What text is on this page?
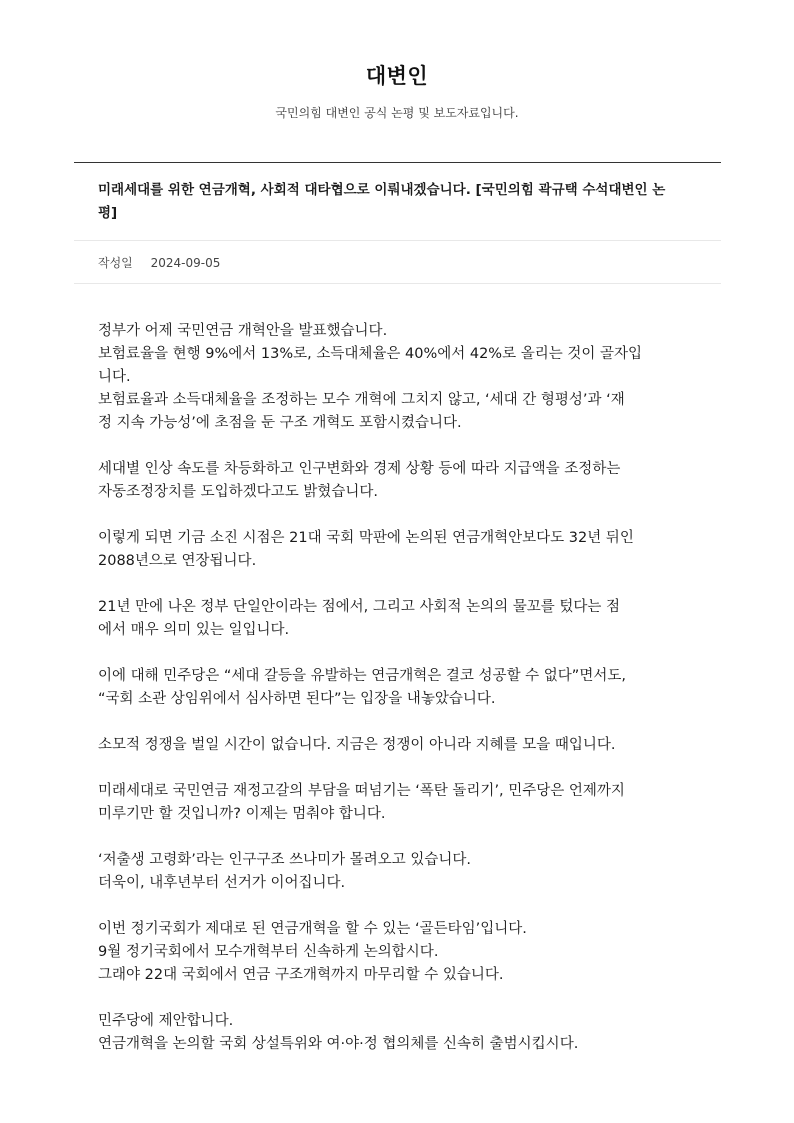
대변인
국민의힘 대변인 공식 논평 및 보도자료입니다.
미래세대를 위한 연금개혁, 사회적 대타협으로 이뤄내겠습니다. [국민의힘 곽규택 수석대변인 논
평]
작성일 2024-09-05
정부가 어제 국민연금 개혁안을 발표했습니다.
보험료율을 현행 9%에서 13%로, 소득대체율은 40%에서 42%로 올리는 것이 골자입
니다.
보험료율과 소득대체율을 조정하는 모수 개혁에 그치지 않고, ‘세대 간 형평성’과 ‘재
정 지속 가능성’에 초점을 둔 구조 개혁도 포함시켰습니다.
세대별 인상 속도를 차등화하고 인구변화와 경제 상황 등에 따라 지급액을 조정하는
자동조정장치를 도입하겠다고도 밝혔습니다.
이렇게 되면 기금 소진 시점은 21대 국회 막판에 논의된 연금개혁안보다도 32년 뒤인
2088년으로 연장됩니다.
21년 만에 나온 정부 단일안이라는 점에서, 그리고 사회적 논의의 물꼬를 텄다는 점
에서 매우 의미 있는 일입니다.
이에 대해 민주당은 “세대 갈등을 유발하는 연금개혁은 결코 성공할 수 없다”면서도,
“국회 소관 상임위에서 심사하면 된다”는 입장을 내놓았습니다.
소모적 정쟁을 벌일 시간이 없습니다. 지금은 정쟁이 아니라 지혜를 모을 때입니다.
미래세대로 국민연금 재정고갈의 부담을 떠넘기는 ‘폭탄 돌리기’, 민주당은 언제까지
미루기만 할 것입니까? 이제는 멈춰야 합니다.
‘저출생 고령화’라는 인구구조 쓰나미가 몰려오고 있습니다.
더욱이, 내후년부터 선거가 이어집니다.
이번 정기국회가 제대로 된 연금개혁을 할 수 있는 ‘골든타임’입니다.
9월 정기국회에서 모수개혁부터 신속하게 논의합시다.
그래야 22대 국회에서 연금 구조개혁까지 마무리할 수 있습니다.
민주당에 제안합니다.
연금개혁을 논의할 국회 상설특위와 여·야·정 협의체를 신속히 출범시킵시다.
